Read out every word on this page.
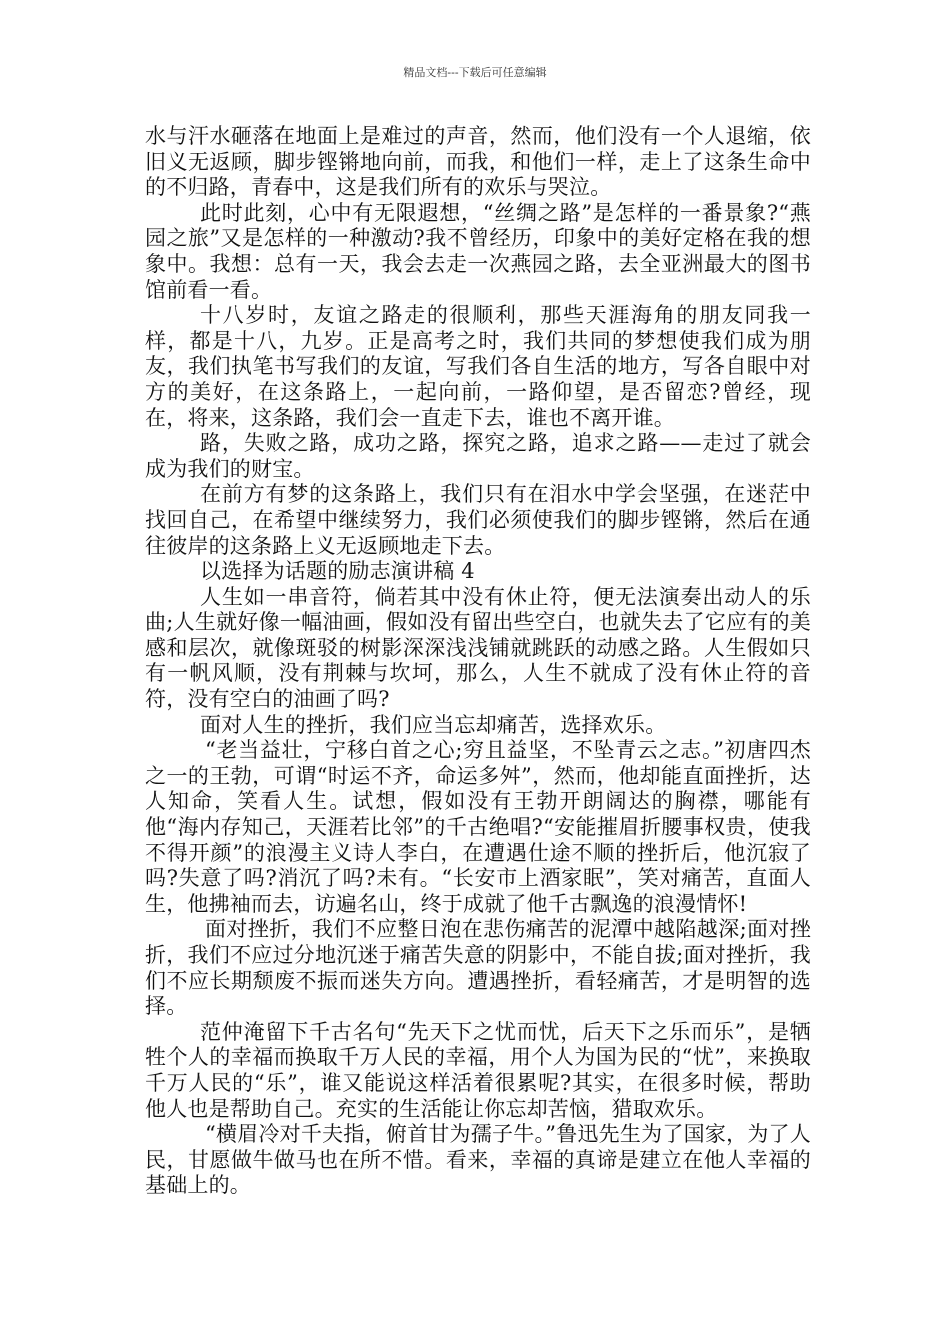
精品文档---下载后可任意编辑

水与汗水砸落在地面上是难过的声音，然而，他们没有一个人退缩，依旧义无返顾，脚步铿锵地向前，而我，和他们一样，走上了这条生命中的不归路，青春中，这是我们所有的欢乐与哭泣。

此时此刻，心中有无限遐想，“丝绸之路”是怎样的一番景象?“燕园之旅”又是怎样的一种激动?我不曾经历，印象中的美好定格在我的想象中。我想：总有一天，我会去走一次燕园之路，去全亚洲最大的图书馆前看一看。

十八岁时，友谊之路走的很顺利，那些天涯海角的朋友同我一样，都是十八，九岁。正是高考之时，我们共同的梦想使我们成为朋友，我们执笔书写我们的友谊，写我们各自生活的地方，写各自眼中对方的美好，在这条路上，一起向前，一路仰望，是否留恋?曾经，现在，将来，这条路，我们会一直走下去，谁也不离开谁。

路，失败之路，成功之路，探究之路，追求之路——走过了就会成为我们的财宝。

在前方有梦的这条路上，我们只有在泪水中学会坚强，在迷茫中找回自己，在希望中继续努力，我们必须使我们的脚步铿锵，然后在通往彼岸的这条路上义无返顾地走下去。

以选择为话题的励志演讲稿 4

人生如一串音符，倘若其中没有休止符，便无法演奏出动人的乐曲;人生就好像一幅油画，假如没有留出些空白，也就失去了它应有的美感和层次，就像斑驳的树影深深浅浅铺就跳跃的动感之路。人生假如只有一帆风顺，没有荆棘与坎坷，那么，人生不就成了没有休止符的音符，没有空白的油画了吗?

面对人生的挫折，我们应当忘却痛苦，选择欢乐。

“老当益壮，宁移白首之心;穷且益坚，不坠青云之志。”初唐四杰之一的王勃，可谓“时运不齐，命运多舛”，然而，他却能直面挫折，达人知命，笑看人生。试想，假如没有王勃开朗阔达的胸襟，哪能有他“海内存知己，天涯若比邻”的千古绝唱?“安能摧眉折腰事权贵，使我不得开颜”的浪漫主义诗人李白，在遭遇仕途不顺的挫折后，他沉寂了吗?失意了吗?消沉了吗?未有。“长安市上酒家眠”，笑对痛苦，直面人生，他拂袖而去，访遍名山，终于成就了他千古飘逸的浪漫情怀!

面对挫折，我们不应整日泡在悲伤痛苦的泥潭中越陷越深;面对挫折，我们不应过分地沉迷于痛苦失意的阴影中，不能自拔;面对挫折，我们不应长期颓废不振而迷失方向。遭遇挫折，看轻痛苦，才是明智的选择。

范仲淹留下千古名句“先天下之忧而忧，后天下之乐而乐”，是牺牲个人的幸福而换取千万人民的幸福，用个人为国为民的“忧”，来换取千万人民的“乐”，谁又能说这样活着很累呢?其实，在很多时候，帮助他人也是帮助自己。充实的生活能让你忘却苦恼，猎取欢乐。

“横眉冷对千夫指，俯首甘为孺子牛。”鲁迅先生为了国家，为了人民，甘愿做牛做马也在所不惜。看来，幸福的真谛是建立在他人幸福的基础上的。
